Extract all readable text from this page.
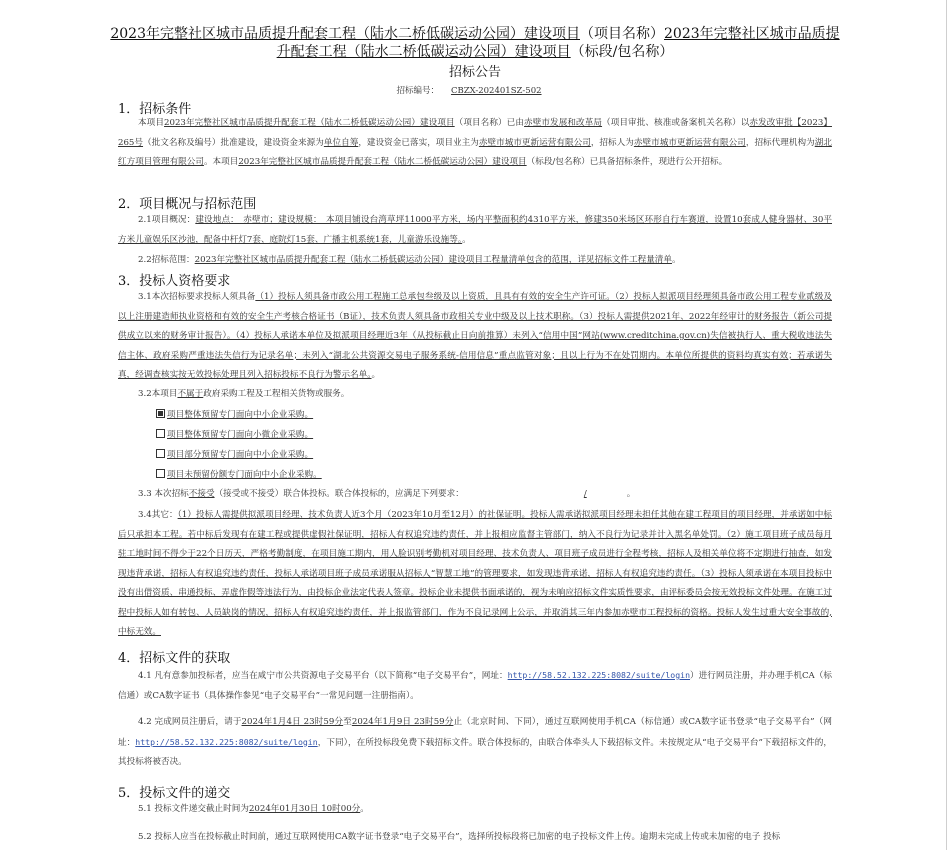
2023年完整社区城市品质提升配套工程（陆水二桥低碳运动公园）建设项目（项目名称）2023年完整社区城市品质提升配套工程（陆水二桥低碳运动公园）建设项目（标段/包名称）
招标公告
招标编号： CBZX-202401SZ-502
1．招标条件
本项目2023年完整社区城市品质提升配套工程（陆水二桥低碳运动公园）建设项目（项目名称）已由赤壁市发展和改革局（项目审批、核准或备案机关名称）以赤发改审批【2023】265号（批文名称及编号）批准建设，建设资金来源为单位自筹，建设资金已落实，项目业主为赤壁市城市更新运营有限公司，招标人为赤壁市城市更新运营有限公司，招标代理机构为湖北红方项目管理有限公司。本项目2023年完整社区城市品质提升配套工程（陆水二桥低碳运动公园）建设项目（标段/包名称）已具备招标条件，现进行公开招标。
2．项目概况与招标范围
2.1项目概况：建设地点：　赤壁市；建设规模：　本项目铺设台湾草坪11000平方米，场内平整面积约4310平方米，修建350米场区环形自行车赛道，设置10套成人健身器材、30平方米儿童娱乐区沙池，配备中杆灯7套、庭院灯15套、广播主机系统1套，儿童游乐设施等。。
2.2招标范围：2023年完整社区城市品质提升配套工程（陆水二桥低碳运动公园）建设项目工程量清单包含的范围，详见招标文件工程量清单。
3．投标人资格要求
3.1本次招标要求投标人须具备（1）投标人须具备市政公用工程施工总承包叁级及以上资质，且具有有效的安全生产许可证。（2）投标人拟派项目经理须具备市政公用工程专业贰级及以上注册建造师执业资格和有效的安全生产考核合格证书（B证），技术负责人须具备市政相关专业中级及以上技术职称。（3）投标人需提供2021年、2022年经审计的财务报告（新公司提供成立以来的财务审计报告）。（4）投标人承诺本单位及拟派项目经理近3年（从投标截止日向前推算）未列入“信用中国”网站(www.creditchina.gov.cn)失信被执行人、重大税收违法失信主体、政府采购严重违法失信行为记录名单；未列入“湖北公共资源交易电子服务系统-信用信息”重点监管对象；且以上行为不在处罚期内。本单位所提供的资料均真实有效；若承诺失真，经调查核实按无效投标处理且列入招标投标不良行为警示名单。。
3.2本项目不属于政府采购工程及工程相关货物或服务。
项目整体预留专门面向中小企业采购。
项目整体预留专门面向小微企业采购。
项目部分预留专门面向中小企业采购。
项目未预留份额专门面向中小企业采购。
3.3 本次招标不接受（接受或不接受）联合体投标。联合体投标的，应满足下列要求：	/	。
3.4其它：（1）投标人需提供拟派项目经理、技术负责人近3个月（2023年10月至12月）的社保证明。投标人需承诺拟派项目经理未担任其他在建工程项目的项目经理，并承诺如中标后只承担本工程。若中标后发现有在建工程或提供虚假社保证明，招标人有权追究违约责任，并上报相应监督主管部门，纳入不良行为记录并计入黑名单处罚。（2）施工项目班子成员每月驻工地时间不得少于22个日历天，严格考勤制度，在项目施工期内，用人脸识别考勤机对项目经理、技术负责人、项目班子成员进行全程考核，招标人及相关单位将不定期进行抽查，如发现违背承诺，招标人有权追究违约责任，投标人承诺项目班子成员承诺服从招标人“智慧工地”的管理要求，如发现违背承诺，招标人有权追究违约责任。（3）投标人须承诺在本项目投标中没有出借资质、串通投标、弄虚作假等违法行为，由投标企业法定代表人签章。投标企业未提供书面承诺的，视为未响应招标文件实质性要求，由评标委员会按无效投标文件处理。在施工过程中投标人如有转包、人员缺岗的情况，招标人有权追究违约责任，并上报监管部门，作为不良记录网上公示，并取消其三年内参加赤壁市工程投标的资格。投标人发生过重大安全事故的,中标无效。
4．招标文件的获取
4.1 凡有意参加投标者，应当在咸宁市公共资源电子交易平台（以下简称“电子交易平台”，网址：http://58.52.132.225:8082/suite/login）进行网员注册，并办理手机CA（标信通）或CA数字证书（具体操作参见“电子交易平台”一常见问题一注册指南）。
4.2 完成网员注册后，请于2024年1月4日 23时59分至2024年1月9日 23时59分止（北京时间、下同），通过互联网使用手机CA（标信通）或CA数字证书登录“电子交易平台”（网址：http://58.52.132.225:8082/suite/login，下同），在所投标段免费下载招标文件。联合体投标的，由联合体牵头人下载招标文件。未按规定从“电子交易平台”下载招标文件的，其投标将被否决。
5．投标文件的递交
5.1 投标文件递交截止时间为2024年01月30日 10时00分。
5.2 投标人应当在投标截止时间前，通过互联网使用CA数字证书登录“电子交易平台”，选择所投标段将已加密的电子投标文件上传。逾期未完成上传或未加密的电子 投标
